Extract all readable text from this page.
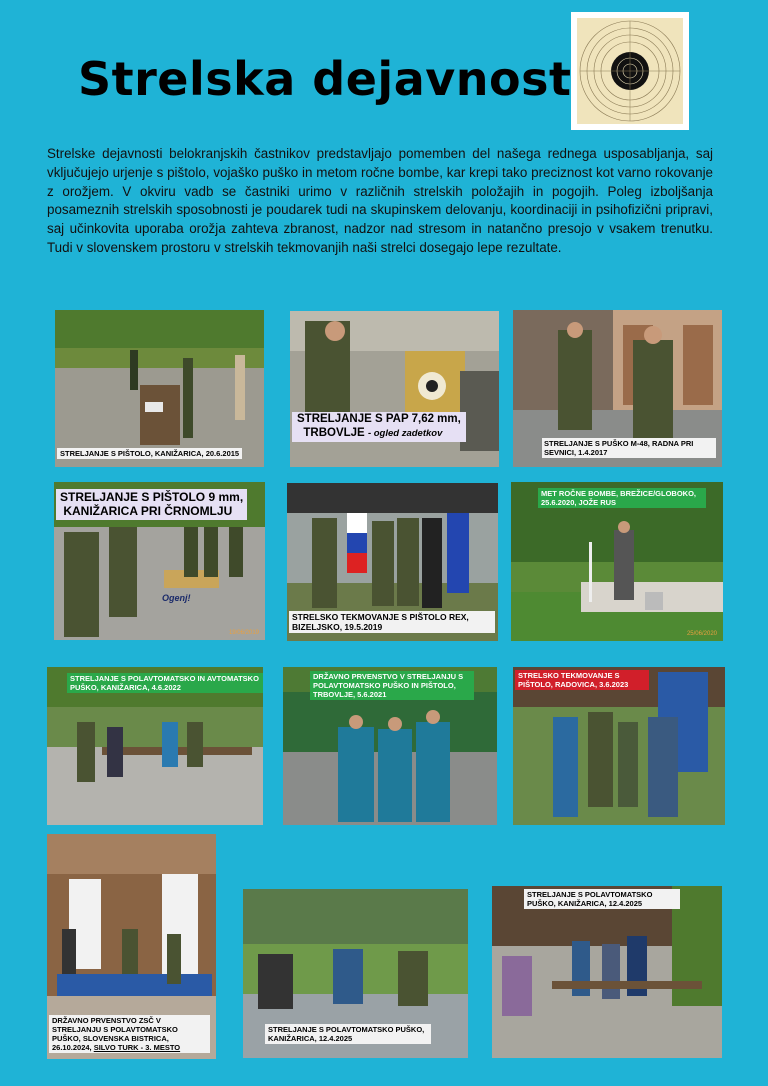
Strelska dejavnost
Strelske dejavnosti belokranjskih častnikov predstavljajo pomemben del našega rednega usposabljanja, saj vključujejo urjenje s pištolo, vojaško puško in metom ročne bombe, kar krepi tako preciznost kot varno rokovanje z orožjem. V okviru vadb se častniki urimo v različnih strelskih položajih in pogojih. Poleg izboljšanja posameznih strelskih sposobnosti je poudarek tudi na skupinskem delovanju, koordinaciji in psihofizični pripravi, saj učinkovita uporaba orožja zahteva zbranost, nadzor nad stresom in natančno presojo v vsakem trenutku. Tudi v slovenskem prostoru v strelskih tekmovanjih naši strelci dosegajo lepe rezultate.
STRELJANJE S PIŠTOLO, KANIŽARICA, 20.6.2015
STRELJANJE S PAP 7,62 mm,
TRBOVLJE - ogled zadetkov
STRELJANJE S PUŠKO M-48, RADNA PRI SEVNICI, 1.4.2017
STRELJANJE S PIŠTOLO 9 mm,
KANIŽARICA PRI ČRNOMLJU
Ogenj!
19/06/2019
STRELSKO TEKMOVANJE S PIŠTOLO REX, BIZELJSKO, 19.5.2019
MET ROČNE BOMBE, BREŽICE/GLOBOKO, 25.6.2020, JOŽE RUS
25/06/2020
STRELJANJE S POLAVTOMATSKO IN AVTOMATSKO PUŠKO, KANIŽARICA, 4.6.2022
DRŽAVNO PRVENSTVO V STRELJANJU S POLAVTOMATSKO PUŠKO IN PIŠTOLO, TRBOVLJE, 5.6.2021
STRELSKO TEKMOVANJE S PIŠTOLO, RADOVICA, 3.6.2023
DRŽAVNO PRVENSTVO ZSČ V STRELJANJU S POLAVTOMATSKO PUŠKO, SLOVENSKA BISTRICA, 26.10.2024, SILVO TURK - 3. MESTO
STRELJANJE S POLAVTOMATSKO PUŠKO, KANIŽARICA, 12.4.2025
STRELJANJE S POLAVTOMATSKO PUŠKO, KANIŽARICA, 12.4.2025
